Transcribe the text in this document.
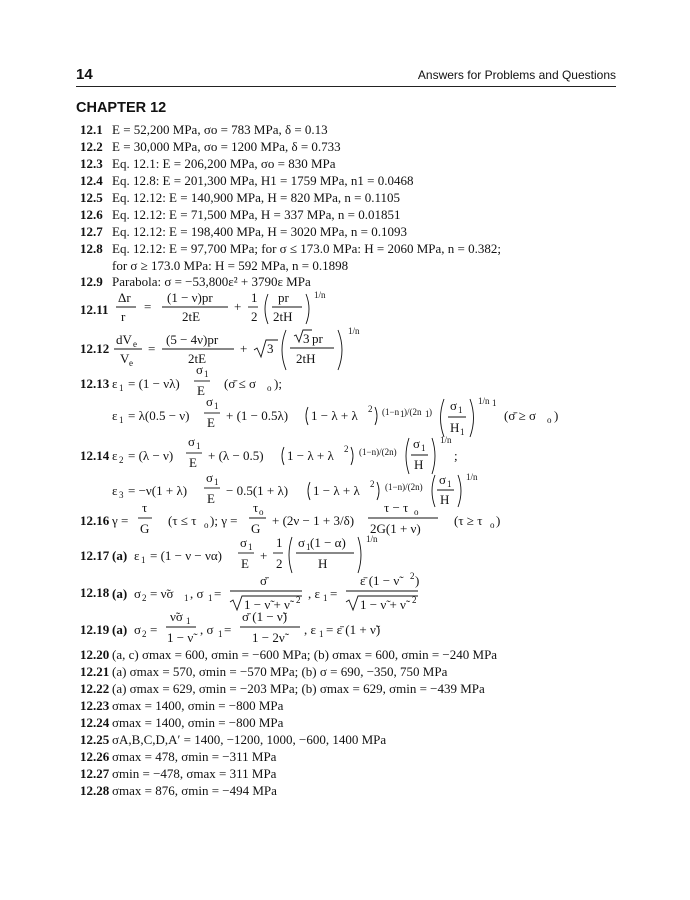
14	Answers for Problems and Questions
CHAPTER 12
12.1 E = 52,200 MPa, σo = 783 MPa, δ = 0.13
12.2 E = 30,000 MPa, σo = 1200 MPa, δ = 0.733
12.3 Eq. 12.1: E = 206,200 MPa, σo = 830 MPa
12.4 Eq. 12.8: E = 201,300 MPa, H1 = 1759 MPa, n1 = 0.0468
12.5 Eq. 12.12: E = 140,900 MPa, H = 820 MPa, n = 0.1105
12.6 Eq. 12.12: E = 71,500 MPa, H = 337 MPa, n = 0.01851
12.7 Eq. 12.12: E = 198,400 MPa, H = 3020 MPa, n = 0.1093
12.8 Eq. 12.12: E = 97,700 MPa; for σ ≤ 173.0 MPa: H = 2060 MPa, n = 0.382;
for σ ≥ 173.0 MPa: H = 592 MPa, n = 0.1898
12.9 Parabola: σ = −53,800ε² + 3790ε MPa
12.11
Δr
r
=
(1 − ν)pr
2tE
+
1
2
pr
2tH
1/n
12.12
dV e
V e
=
(5 − 4ν)pr
2tE
+ 3
3 pr
2tH
1/n
12.13 ε 1 = (1 − νλ)
σ 1
E (σ̄ ≤ σ o );
ε 1 = λ(0.5 − ν)
σ 1
E + (1 − 0.5λ) 1 − λ + λ 2 (1−n 1 )/(2n 1 ) σ 1
H 1
1/n 1
(σ̄ ≥ σ o )
12.14 ε 2 = (λ − ν)
σ 1
E + (λ − 0.5) 1 − λ + λ 2 (1−n)/(2n)
σ 1
H
1/n
;
ε 3 = −ν(1 + λ)
σ 1
E
− 0.5(1 + λ) 1 − λ + λ 2 (1−n)/(2n) σ 1
H
1/n
12.16 γ =
τ
G
(τ ≤ τ o ); γ =
τ o
G
+ (2ν − 1 + 3/δ)
τ − τ o
2G(1 + ν)
(τ ≥ τ o )
12.17 (a) ε 1 = (1 − ν − να)
σ 1
E
+
1
2
σ 1 (1 − α)
H
1/n
12.18 (a) σ 2 = ν̃σ 1 , σ 1 =
σ̄
1 − ν̃ + ν̃ 2 , ε 1 =
ε̄ (1 − ν̃	2 )
1 − ν̃ + ν̃ 2
12.19 (a) σ 2 =
ν̃σ 1
1 − ν̃
, σ 1 =
σ̄ (1 − ν̃)
1 − 2ν̃
, ε 1 = ε̄ (1 + ν̃)
12.20 (a, c) σmax = 600, σmin = −600 MPa; (b) σmax = 600, σmin = −240 MPa
12.21 (a) σmax = 570, σmin = −570 MPa; (b) σ = 690, −350, 750 MPa
12.22 (a) σmax = 629, σmin = −203 MPa; (b) σmax = 629, σmin = −439 MPa
12.23 σmax = 1400, σmin = −800 MPa
12.24 σmax = 1400, σmin = −800 MPa
12.25 σA,B,C,D,A′ = 1400, −1200, 1000, −600, 1400 MPa
12.26 σmax = 478, σmin = −311 MPa
12.27 σmin = −478, σmax = 311 MPa
12.28 σmax = 876, σmin = −494 MPa
